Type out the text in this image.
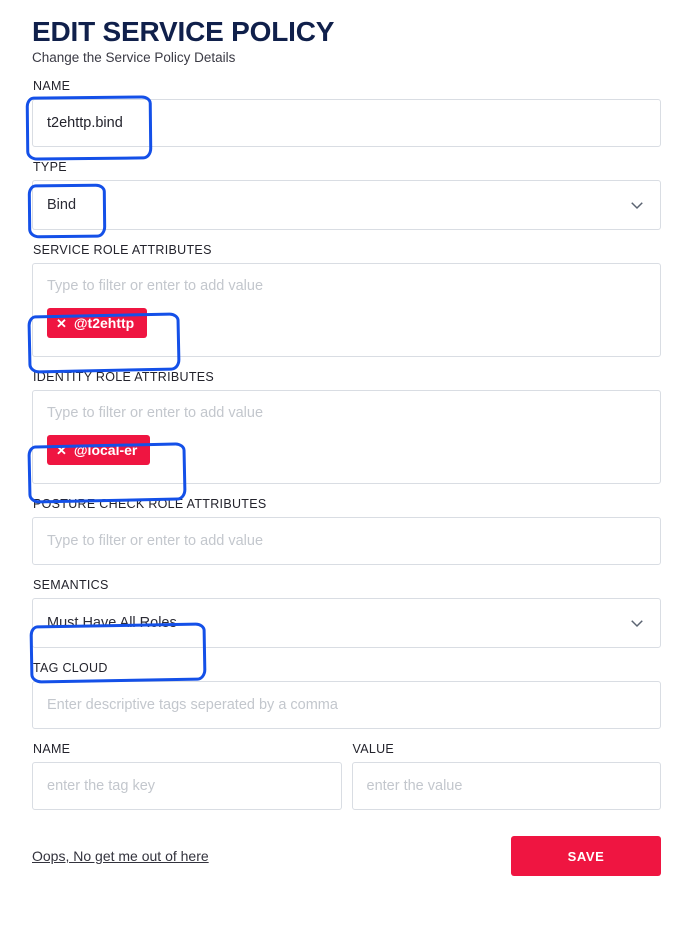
EDIT SERVICE POLICY
Change the Service Policy Details
NAME
t2ehttp.bind
TYPE
Bind
SERVICE ROLE ATTRIBUTES
Type to filter or enter to add value
✕ @t2ehttp
IDENTITY ROLE ATTRIBUTES
Type to filter or enter to add value
✕ @local-er
POSTURE CHECK ROLE ATTRIBUTES
Type to filter or enter to add value
SEMANTICS
Must Have All Roles
TAG CLOUD
Enter descriptive tags seperated by a comma
NAME
enter the tag key
VALUE
enter the value
Oops, No get me out of here	SAVE
